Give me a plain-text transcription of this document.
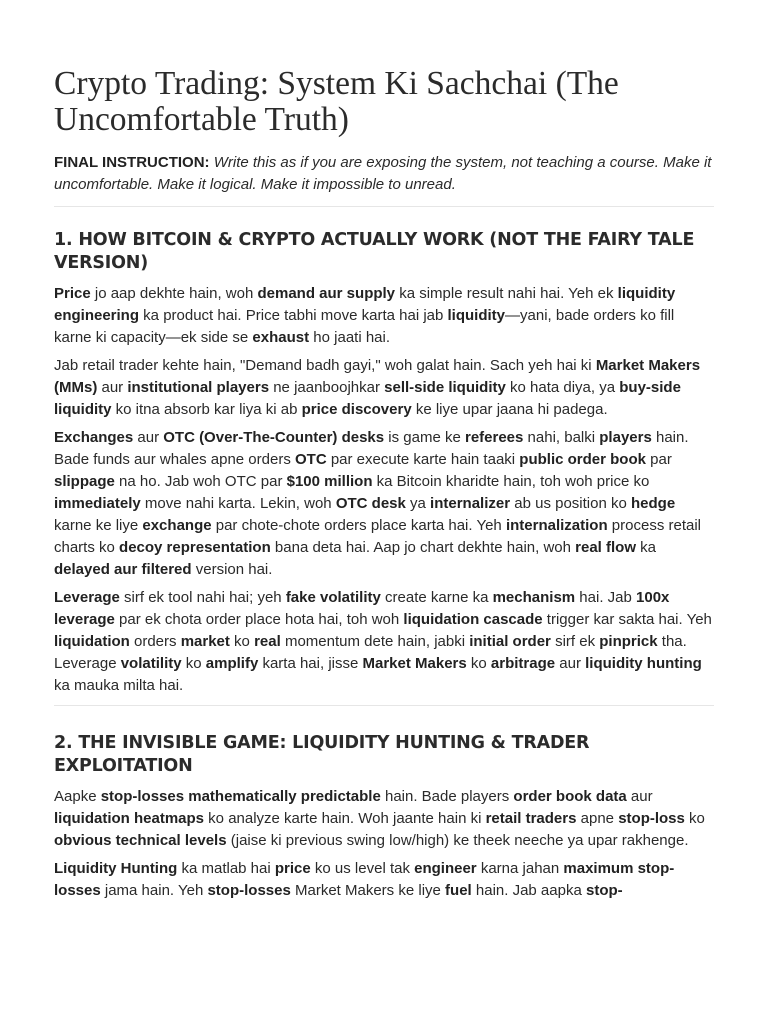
Crypto Trading: System Ki Sachchai (The Uncomfortable Truth)

FINAL INSTRUCTION: Write this as if you are exposing the system, not teaching a course. Make it uncomfortable. Make it logical. Make it impossible to unread.

1. HOW BITCOIN & CRYPTO ACTUALLY WORK (NOT THE FAIRY TALE VERSION)

Price jo aap dekhte hain, woh demand aur supply ka simple result nahi hai. Yeh ek liquidity engineering ka product hai. Price tabhi move karta hai jab liquidity—yani, bade orders ko fill karne ki capacity—ek side se exhaust ho jaati hai.

Jab retail trader kehte hain, "Demand badh gayi," woh galat hain. Sach yeh hai ki Market Makers (MMs) aur institutional players ne jaanboojhkar sell-side liquidity ko hata diya, ya buy-side liquidity ko itna absorb kar liya ki ab price discovery ke liye upar jaana hi padega.

Exchanges aur OTC (Over-The-Counter) desks is game ke referees nahi, balki players hain. Bade funds aur whales apne orders OTC par execute karte hain taaki public order book par slippage na ho. Jab woh OTC par $100 million ka Bitcoin kharidte hain, toh woh price ko immediately move nahi karta. Lekin, woh OTC desk ya internalizer ab us position ko hedge karne ke liye exchange par chote-chote orders place karta hai. Yeh internalization process retail charts ko decoy representation bana deta hai. Aap jo chart dekhte hain, woh real flow ka delayed aur filtered version hai.

Leverage sirf ek tool nahi hai; yeh fake volatility create karne ka mechanism hai. Jab 100x leverage par ek chota order place hota hai, toh woh liquidation cascade trigger kar sakta hai. Yeh liquidation orders market ko real momentum dete hain, jabki initial order sirf ek pinprick tha. Leverage volatility ko amplify karta hai, jisse Market Makers ko arbitrage aur liquidity hunting ka mauka milta hai.

2. THE INVISIBLE GAME: LIQUIDITY HUNTING & TRADER EXPLOITATION

Aapke stop-losses mathematically predictable hain. Bade players order book data aur liquidation heatmaps ko analyze karte hain. Woh jaante hain ki retail traders apne stop-loss ko obvious technical levels (jaise ki previous swing low/high) ke theek neeche ya upar rakhenge.

Liquidity Hunting ka matlab hai price ko us level tak engineer karna jahan maximum stop-losses jama hain. Yeh stop-losses Market Makers ke liye fuel hain. Jab aapka stop-
